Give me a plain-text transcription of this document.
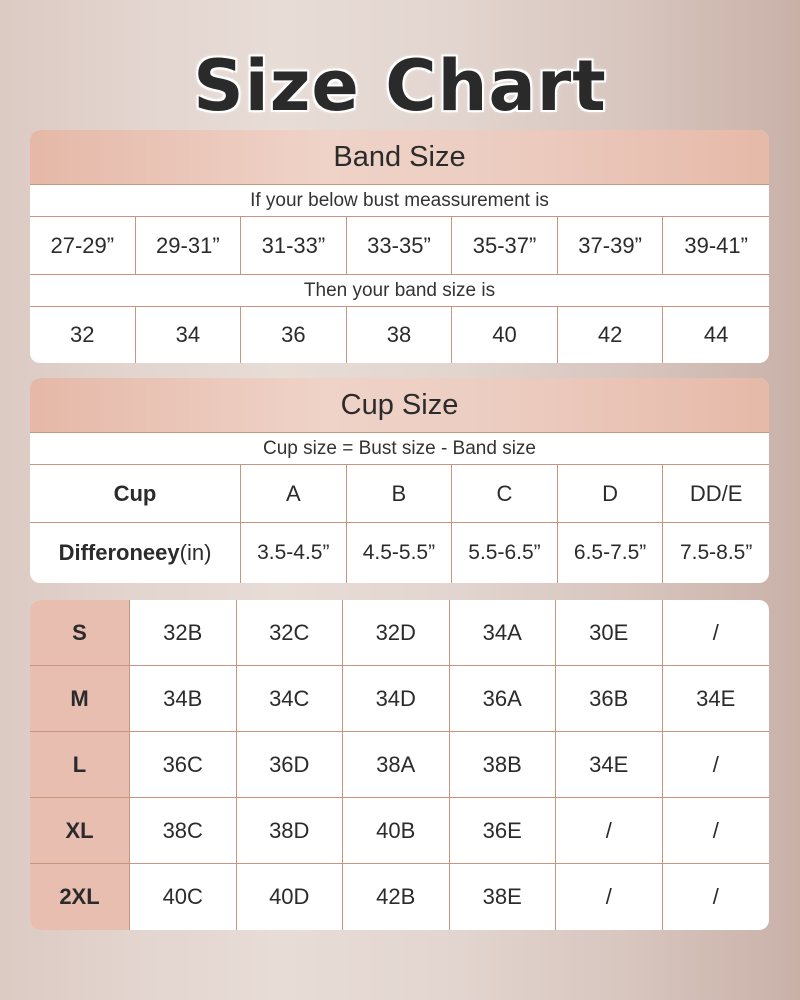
Size Chart
Band Size
If your below bust meassurement is
27-29”	29-31”	31-33”	33-35”	35-37”	37-39”	39-41”
Then your band size is
32	34	36	38	40	42	44
Cup Size
Cup size = Bust size - Band size
Cup	A	B	C	D	DD/E
Differoneey (in)	3.5-4.5”	4.5-5.5”	5.5-6.5”	6.5-7.5”	7.5-8.5”
S	32B	32C	32D	34A	30E	/
M	34B	34C	34D	36A	36B	34E
L	36C	36D	38A	38B	34E	/
XL	38C	38D	40B	36E	/	/
2XL	40C	40D	42B	38E	/	/
